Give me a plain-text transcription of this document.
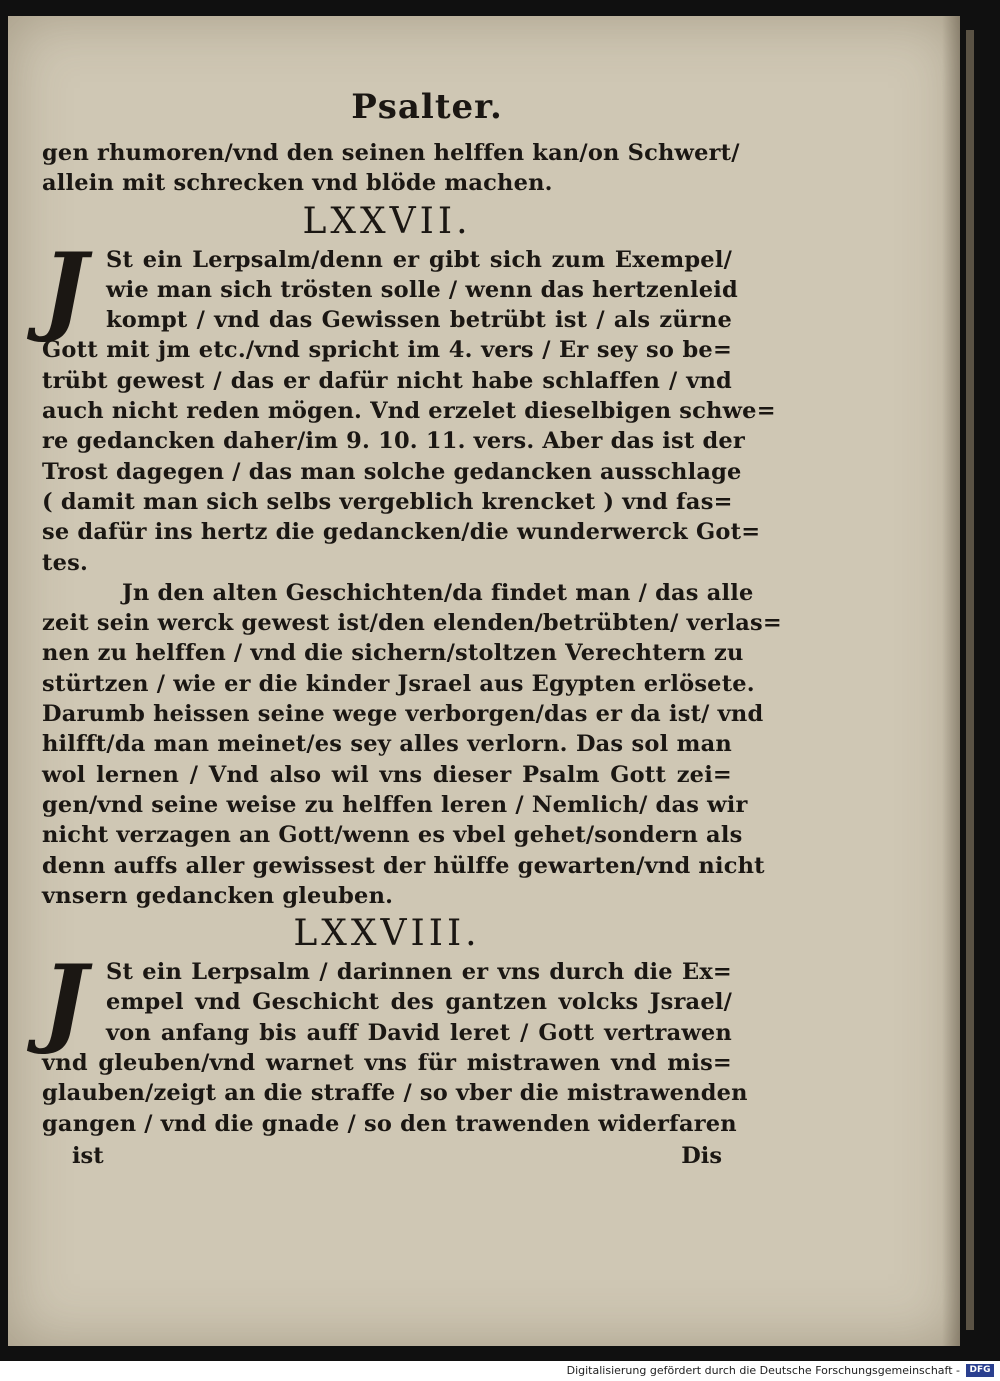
Psalter.
gen rhumoren/vnd den seinen helffen kan/on Schwert/
allein mit schrecken vnd blöde machen.
LXXVII.
J St ein Lerpsalm/denn er gibt sich zum Exempel/
wie man sich trösten solle / wenn das hertzenleid
kompt / vnd das Gewissen betrübt ist / als zürne
Gott mit jm etc./vnd spricht im 4. vers / Er sey so be=
trübt gewest / das er dafür nicht habe schlaffen / vnd
auch nicht reden mögen. Vnd erzelet dieselbigen schwe=
re gedancken daher/im 9. 10. 11. vers. Aber das ist der
Trost dagegen / das man solche gedancken ausschlage
( damit man sich selbs vergeblich krencket ) vnd fas=
se dafür ins hertz die gedancken/die wunderwerck Got=
tes.
Jn den alten Geschichten/da findet man / das alle
zeit sein werck gewest ist/den elenden/betrübten/ verlas=
nen zu helffen / vnd die sichern/stoltzen Verechtern zu
stürtzen / wie er die kinder Jsrael aus Egypten erlösete.
Darumb heissen seine wege verborgen/das er da ist/ vnd
hilfft/da man meinet/es sey alles verlorn. Das sol man
wol lernen / Vnd also wil vns dieser Psalm Gott zei=
gen/vnd seine weise zu helffen leren / Nemlich/ das wir
nicht verzagen an Gott/wenn es vbel gehet/sondern als
denn auffs aller gewissest der hülffe gewarten/vnd nicht
vnsern gedancken gleuben.
LXXVIII.
J St ein Lerpsalm / darinnen er vns durch die Ex=
empel vnd Geschicht des gantzen volcks Jsrael/
von anfang bis auff David leret / Gott vertrawen
vnd gleuben/vnd warnet vns für mistrawen vnd mis=
glauben/zeigt an die straffe / so vber die mistrawenden
gangen / vnd die gnade / so den trawenden widerfaren
ist	Dis
Digitalisierung gefördert durch die Deutsche Forschungsgemeinschaft -	DFG
